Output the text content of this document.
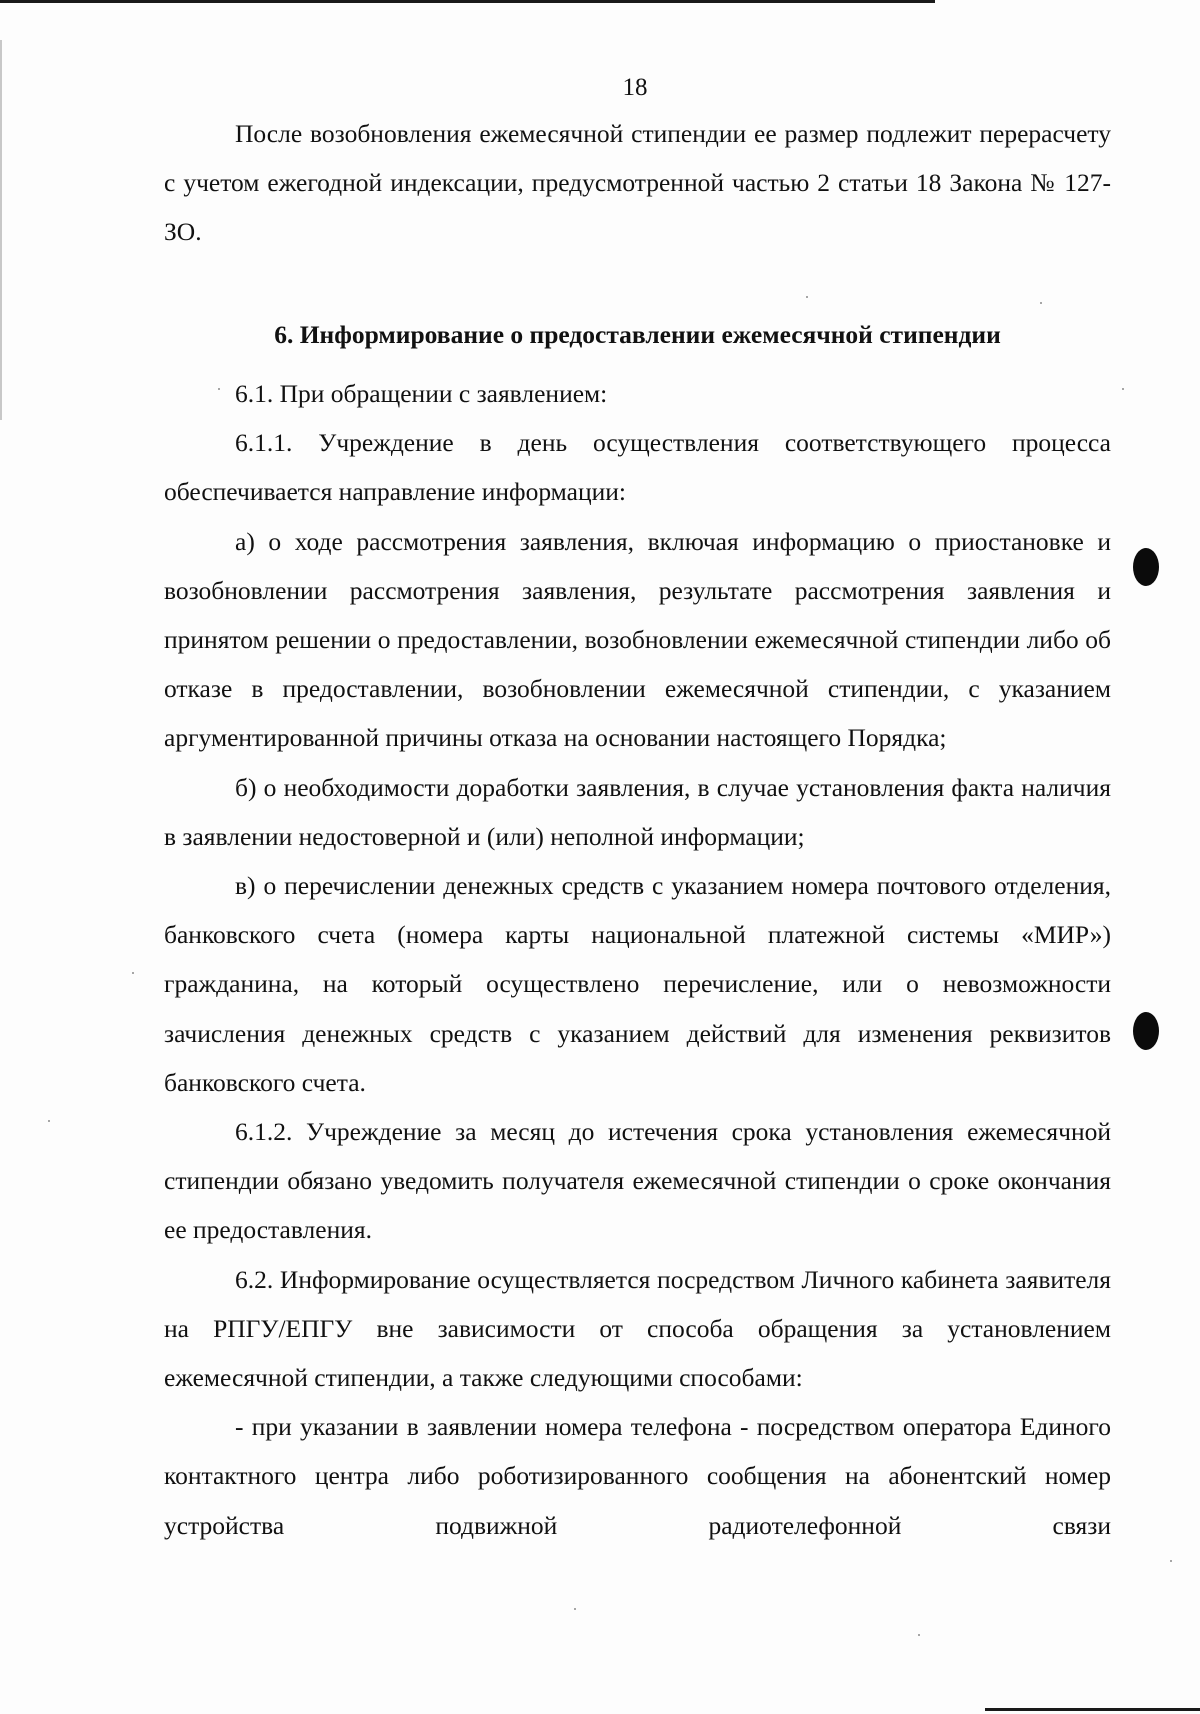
18

После возобновления ежемесячной стипендии ее размер подлежит перерасчету с учетом ежегодной индексации, предусмотренной частью 2 статьи 18 Закона № 127-ЗО.

6. Информирование о предоставлении ежемесячной стипендии

6.1. При обращении с заявлением:

6.1.1. Учреждение в день осуществления соответствующего процесса обеспечивается направление информации:

а) о ходе рассмотрения заявления, включая информацию о приостановке и возобновлении рассмотрения заявления, результате рассмотрения заявления и принятом решении о предоставлении, возобновлении ежемесячной стипендии либо об отказе в предоставлении, возобновлении ежемесячной стипендии, с указанием аргументированной причины отказа на основании настоящего Порядка;

б) о необходимости доработки заявления, в случае установления факта наличия в заявлении недостоверной и (или) неполной информации;

в) о перечислении денежных средств с указанием номера почтового отделения, банковского счета (номера карты национальной платежной системы «МИР») гражданина, на который осуществлено перечисление, или о невозможности зачисления денежных средств с указанием действий для изменения реквизитов банковского счета.

6.1.2. Учреждение за месяц до истечения срока установления ежемесячной стипендии обязано уведомить получателя ежемесячной стипендии о сроке окончания ее предоставления.

6.2. Информирование осуществляется посредством Личного кабинета заявителя на РПГУ/ЕПГУ вне зависимости от способа обращения за установлением ежемесячной стипендии, а также следующими способами:

- при указании в заявлении номера телефона - посредством оператора Единого контактного центра либо роботизированного сообщения на абонентский номер устройства подвижной радиотелефонной связи
